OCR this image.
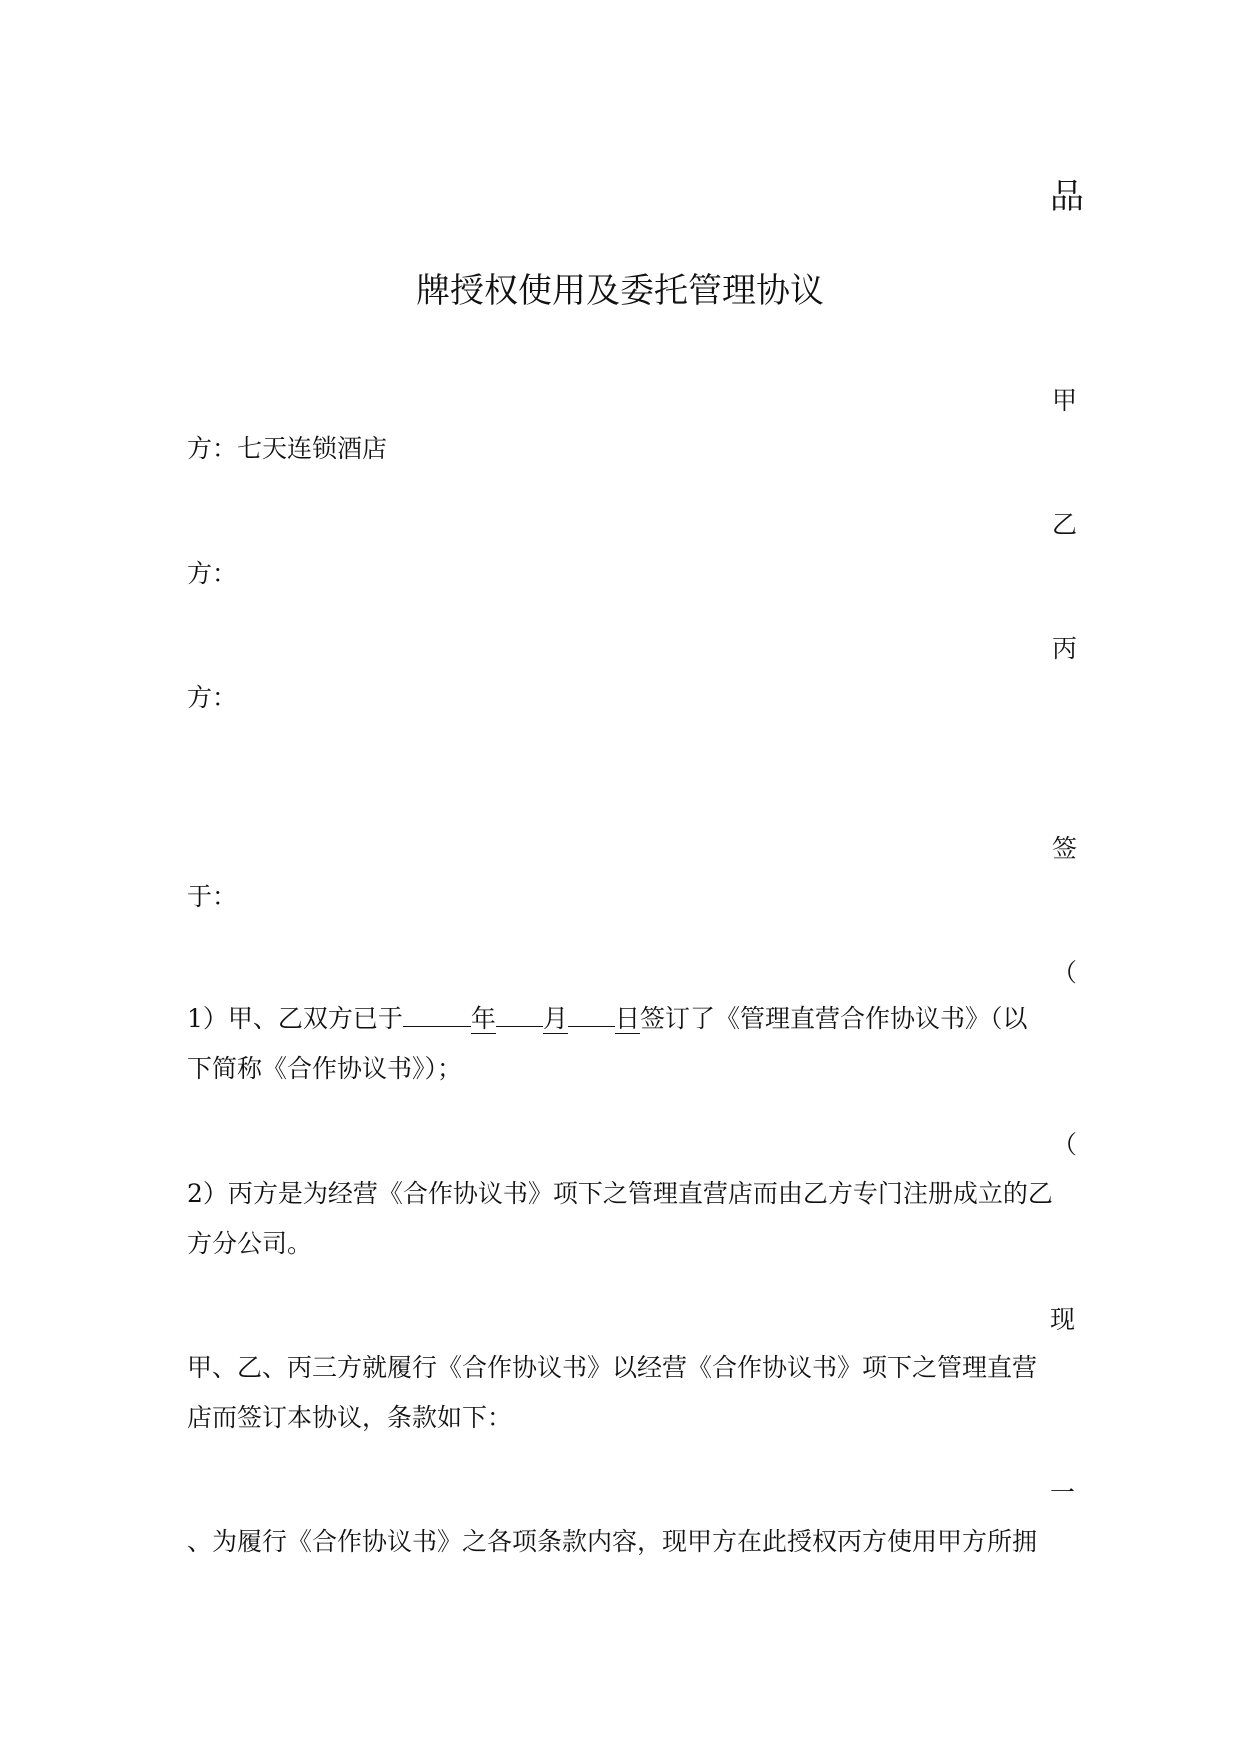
品
牌授权使用及委托管理协议
甲
方：七天连锁酒店
乙
方：
丙
方：
签
于：
（
1）甲、乙双方已于	年 月 日签订了《管理直营合作协议书》（以
下简称《合作协议书》）；
（
2）丙方是为经营《合作协议书》项下之管理直营店而由乙方专门注册成立的乙
方分公司。
现
甲、乙、丙三方就履行《合作协议书》以经营《合作协议书》项下之管理直营
店而签订本协议，条款如下：
一
、为履行《合作协议书》之各项条款内容，现甲方在此授权丙方使用甲方所拥
